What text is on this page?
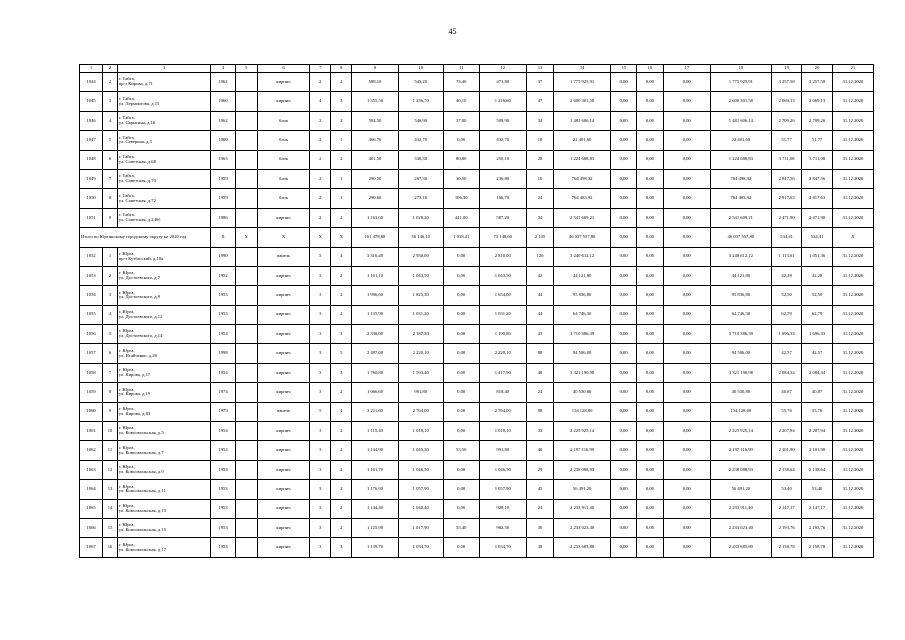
45
1	2	3	4	5	6	7	8	9	10	11	12	13	14	15	16	17	18	19	20	21
1044	2	г. Тайга,
пр-т Кирова, д.71	1961		кирпич	2	2	588,10	543,20	73,40	471,80	37	1 775 925,91	0,00	0,00	0,00	1 775 925,91	3 257,58	3 257,58	31.12.2020
1045	3	г. Тайга,
ул. Лермонтова, д.15	1960		кирпич	4	3	1 355,50	1 256,70	40,10	1 216,60	47	2 600 301,58	0,00	0,00	0,00	2 600 301,58	2 069,13	2 069,13	31.12.2020
1046	4	г. Тайга,
ул. Сарыгина, д.16	1962		блок	2	2	584,50	546,90	37,00	509,90	34	1 481 606,14	0,00	0,00	0,00	1 481 606,14	2 709,26	2 709,26	31.12.2020
1047	5	г. Тайга,
ул. Северная, д.3	1960		блок	2	1	466,70	432,70	0,00	432,70	18	22 401,60	0,00	0,00	0,00	22 401,60	51,77	51,77	31.12.2020
1048	6	г. Тайга,
ул. Советская, д.68	1963		блок	2	2	401,50	330,30	80,80	250,10	28	1 224 688,83	0,00	0,00	0,00	1 224 688,83	3 711,08	3 711,08	31.12.2020
1049	7	г. Тайга,
ул. Советская, д.70	1959		блок	2	1	290,50	267,30	30,50	236,80	10	764 498,32	0,00	0,00	0,00	764 498,32	2 847,56	2 847,56	31.12.2020
1050	8	г. Тайга,
ул. Советская, д.72	1959		блок	2	1	290,60	273,10	106,30	166,70	24	764 483,92	0,00	0,00	0,00	764 483,92	2 817,63	2 817,63	31.12.2020
1051	9	г. Тайга,
ул. Советская, д.240б	1986		кирпич	2	2	1 163,60	1 028,20	441,00	587,20	34	2 541 609,21	0,00	0,00	0,00	2 541 609,21	2 471,90	2 471,90	31.12.2020
Итого по Юргинскому городскому округу на 2020 год			X	X	X	X	X	161 478,88	56 146,10	1 018,41	73 148,60	2 105	46 037 557,80	0,00	0,00	0,00	46 037 557,80	534,41	534,41	X
1052	1	г. Юрга,
пр-т Кузбасский, д.10а	1990		панель	5	4	3 316,40	2 930,00	0,00	2 810,00	126	3 240 612,12	0,00	0,00	0,00	3 240 612,12	1 113,61	1 051,36	31.12.2020
1053	2	г. Юрга,
ул. Достоевского, д.7	1952		кирпич	3	2	1 161,10	1 043,50	0,00	1 043,50	42	44 121,80	0,00	0,00	0,00	44 121,80	42,28	42,28	31.12.2020
1054	3	г. Юрга,
ул. Достоевского, д.9	1953		кирпич	3	2	1 996,60	1 825,30	0,00	1 654,00	44	95 836,80	0,00	0,00	0,00	95 836,80	52,50	52,50	31.12.2020
1055	4	г. Юрга,
ул. Достоевского, д.12	1953		кирпич	3	2	1 135,90	1 031,20	0,00	1 031,20	44	64 746,30	0,00	0,00	0,00	64 746,30	62,79	62,79	31.12.2020
1056	5	г. Юрга,
ул. Достоевского, д.14	1954		кирпич	3	3	2 338,00	2 187,30	0,00	1 190,80	43	3 710 386,39	0,00	0,00	0,00	3 710 386,39	1 696,33	1 696,33	31.12.2020
1057	6	г. Юрга,
ул. Исайченко, д.26	1998		кирпич	3	5	2 487,00	2 220,10	0,00	2 220,10	88	94 506,00	0,00	0,00	0,00	94 506,00	42,57	42,57	31.12.2020
1058	7	г. Юрга,
ул. Кирова, д.17	1954		кирпич	3	3	1 760,80	1 593,40	0,00	1 417,90	48	3 321 190,98	0,00	0,00	0,00	3 321 190,98	2 084,34	2 084,34	31.12.2020
1059	8	г. Юрга,
ул. Кирова, д.19	1974		кирпич	3	2	1 066,60	991,80	0,00	818,40	24	40 530,80	0,00	0,00	0,00	40 530,80	40,87	40,87	31.12.2020
1060	9	г. Юрга,
ул. Кирова, д.83	1979		панель	5	4	3 211,60	2 764,00	0,00	2 764,00	98	154 128,00	0,00	0,00	0,00	154 128,00	55,76	55,76	31.12.2020
1061	10	г. Юрга,
ул. Комсомольская, д.5	1954		кирпич	3	2	1 115,40	1 018,10	0,00	1 018,10	33	2 225 925,14	0,00	0,00	0,00	2 225 925,14	2 207,94	2 207,94	31.12.2020
1062	11	г. Юрга,
ул. Комсомольская, д.7	1954		кирпич	3	2	1 144,90	1 045,30	53,50	991,80	46	2 197 116,99	0,00	0,00	0,00	2 197 116,99	2 101,90	2 101,90	31.12.2020
1063	12	г. Юрга,
ул. Комсомольская, д.9	1953		кирпич	3	2	1 161,70	1 046,50	0,00	1 046,50	29	2 238 088,93	0,00	0,00	0,00	2 238 088,93	2 138,64	2 138,64	31.12.2020
1064	13	г. Юрга,
ул. Комсомольская, д.11	1953		кирпич	3	2	1 176,90	1 057,90	0,00	1 057,90	45	56 491,20	0,00	0,00	0,00	56 491,20	53,40	53,40	31.12.2020
1065	14	г. Юрга,
ул. Комсомольская, д.13	1953		кирпич	3	2	1 144,40	1 040,40	0,00	928,10	24	2 233 911,40	0,00	0,00	0,00	2 233 911,40	2 147,17	2 147,17	31.12.2020
1066	15	г. Юрга,
ул. Комсомольская, д.15	1953		кирпич	3	2	1 125,90	1 017,90	55,40	962,50	30	2 233 023,40	0,00	0,00	0,00	2 233 023,40	2 193,76	2 193,76	31.12.2020
1067	16	г. Юрга,
ул. Комсомольская, д.17	1953		кирпич	3	3	1 139,70	1 034,70	0,00	1 034,70	38	2 233 685,80	0,00	0,00	0,00	2 233 685,80	2 158,78	2 158,78	31.12.2020
